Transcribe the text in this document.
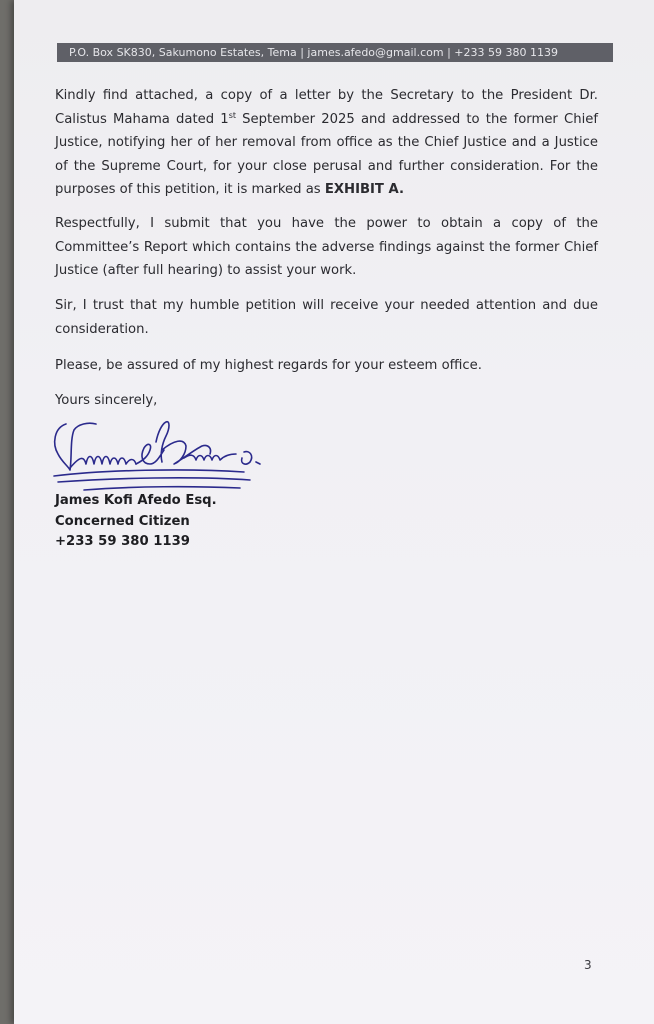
P.O. Box SK830, Sakumono Estates, Tema | james.afedo@gmail.com | +233 59 380 1139

Kindly find attached, a copy of a letter by the Secretary to the President Dr. Calistus Mahama dated 1st September 2025 and addressed to the former Chief Justice, notifying her of her removal from office as the Chief Justice and a Justice of the Supreme Court, for your close perusal and further consideration. For the purposes of this petition, it is marked as EXHIBIT A.

Respectfully, I submit that you have the power to obtain a copy of the Committee’s Report which contains the adverse findings against the former Chief Justice (after full hearing) to assist your work.

Sir, I trust that my humble petition will receive your needed attention and due consideration.

Please, be assured of my highest regards for your esteem office.

Yours sincerely,

James Kofi Afedo Esq.
Concerned Citizen
+233 59 380 1139
3
